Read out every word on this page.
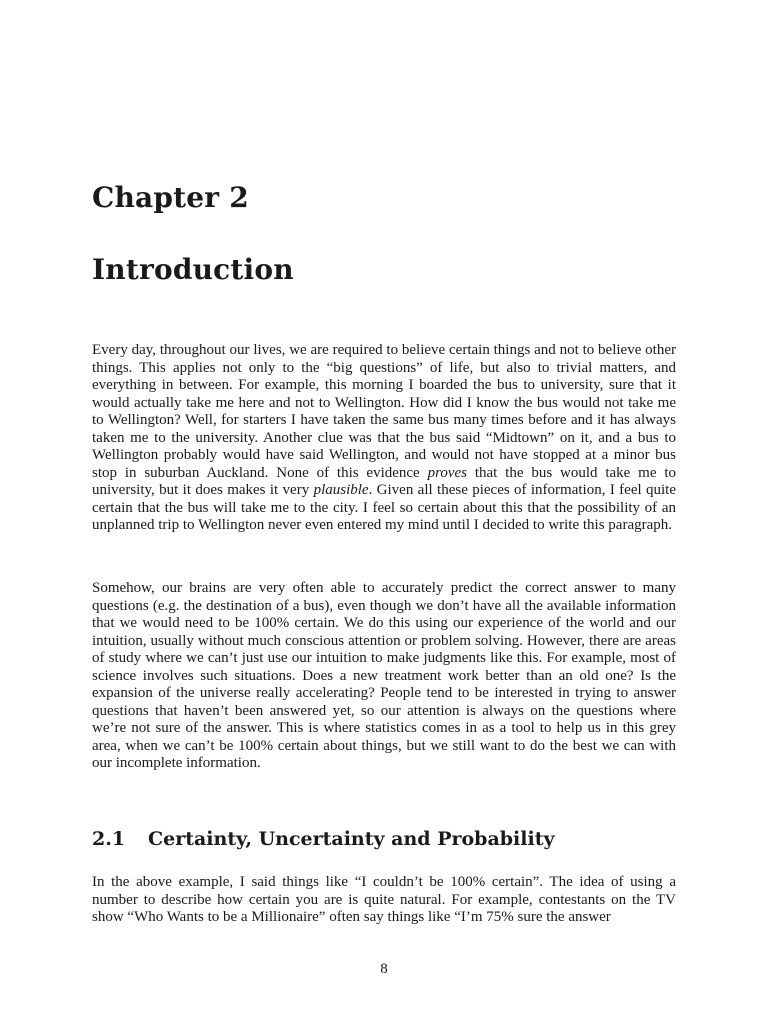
Chapter 2
Introduction

Every day, throughout our lives, we are required to believe certain things and not to believe other things. This applies not only to the “big questions” of life, but also to trivial matters, and everything in between. For example, this morning I boarded the bus to university, sure that it would actually take me here and not to Wellington. How did I know the bus would not take me to Wellington? Well, for starters I have taken the same bus many times before and it has always taken me to the university. Another clue was that the bus said “Midtown” on it, and a bus to Wellington probably would have said Wellington, and would not have stopped at a minor bus stop in suburban Auckland. None of this evidence proves that the bus would take me to university, but it does makes it very plausible. Given all these pieces of information, I feel quite certain that the bus will take me to the city. I feel so certain about this that the possibility of an unplanned trip to Wellington never even entered my mind until I decided to write this paragraph.

Somehow, our brains are very often able to accurately predict the correct answer to many questions (e.g. the destination of a bus), even though we don’t have all the available information that we would need to be 100% certain. We do this using our experience of the world and our intuition, usually without much conscious attention or problem solving. However, there are areas of study where we can’t just use our intuition to make judgments like this. For example, most of science involves such situations. Does a new treatment work better than an old one? Is the expansion of the universe really accelerating? People tend to be interested in trying to answer questions that haven’t been answered yet, so our attention is always on the questions where we’re not sure of the answer. This is where statistics comes in as a tool to help us in this grey area, when we can’t be 100% certain about things, but we still want to do the best we can with our incomplete information.

2.1 Certainty, Uncertainty and Probability

In the above example, I said things like “I couldn’t be 100% certain”. The idea of using a number to describe how certain you are is quite natural. For example, contestants on the TV show “Who Wants to be a Millionaire” often say things like “I’m 75% sure the answer

8
